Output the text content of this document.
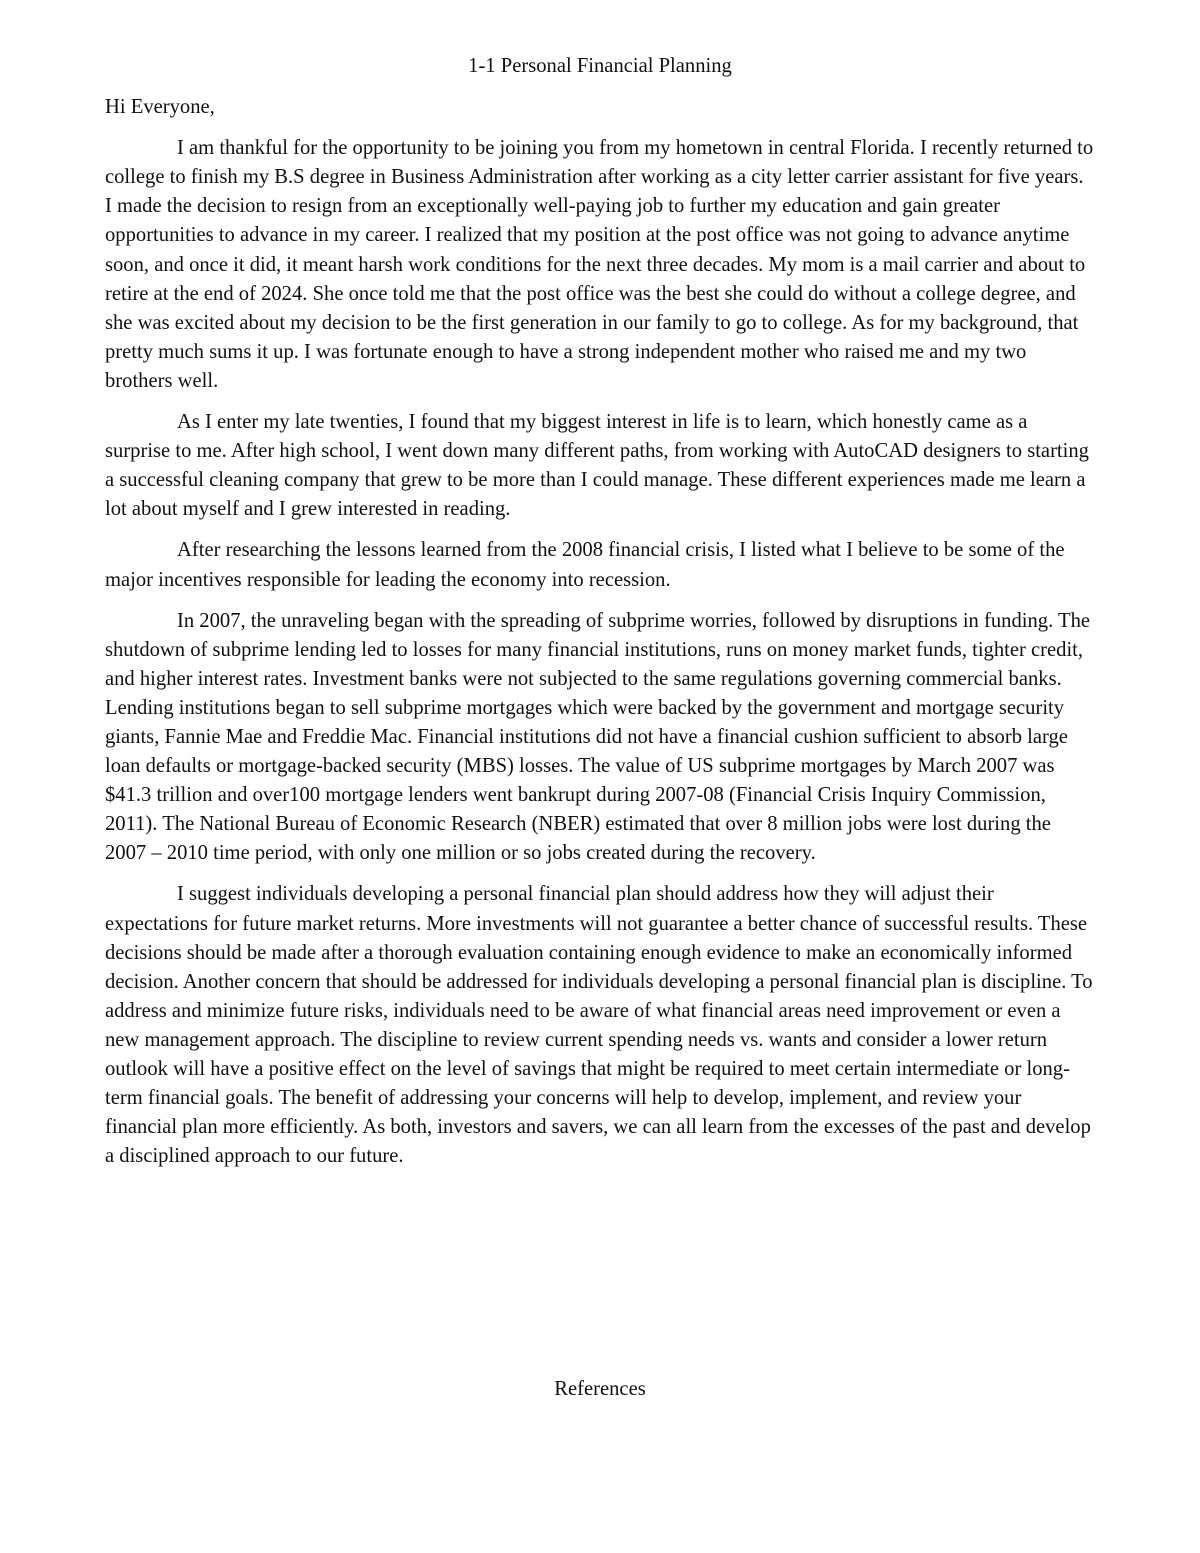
1-1 Personal Financial Planning

Hi Everyone,

I am thankful for the opportunity to be joining you from my hometown in central Florida. I recently returned to college to finish my B.S degree in Business Administration after working as a city letter carrier assistant for five years. I made the decision to resign from an exceptionally well-paying job to further my education and gain greater opportunities to advance in my career. I realized that my position at the post office was not going to advance anytime soon, and once it did, it meant harsh work conditions for the next three decades. My mom is a mail carrier and about to retire at the end of 2024. She once told me that the post office was the best she could do without a college degree, and she was excited about my decision to be the first generation in our family to go to college. As for my background, that pretty much sums it up. I was fortunate enough to have a strong independent mother who raised me and my two brothers well.

As I enter my late twenties, I found that my biggest interest in life is to learn, which honestly came as a surprise to me. After high school, I went down many different paths, from working with AutoCAD designers to starting a successful cleaning company that grew to be more than I could manage. These different experiences made me learn a lot about myself and I grew interested in reading.

After researching the lessons learned from the 2008 financial crisis, I listed what I believe to be some of the major incentives responsible for leading the economy into recession.

In 2007, the unraveling began with the spreading of subprime worries, followed by disruptions in funding. The shutdown of subprime lending led to losses for many financial institutions, runs on money market funds, tighter credit, and higher interest rates. Investment banks were not subjected to the same regulations governing commercial banks. Lending institutions began to sell subprime mortgages which were backed by the government and mortgage security giants, Fannie Mae and Freddie Mac. Financial institutions did not have a financial cushion sufficient to absorb large loan defaults or mortgage-backed security (MBS) losses. The value of US subprime mortgages by March 2007 was $41.3 trillion and over100 mortgage lenders went bankrupt during 2007-08 (Financial Crisis Inquiry Commission, 2011). The National Bureau of Economic Research (NBER) estimated that over 8 million jobs were lost during the 2007 – 2010 time period, with only one million or so jobs created during the recovery.

I suggest individuals developing a personal financial plan should address how they will adjust their expectations for future market returns. More investments will not guarantee a better chance of successful results. These decisions should be made after a thorough evaluation containing enough evidence to make an economically informed decision. Another concern that should be addressed for individuals developing a personal financial plan is discipline. To address and minimize future risks, individuals need to be aware of what financial areas need improvement or even a new management approach. The discipline to review current spending needs vs. wants and consider a lower return outlook will have a positive effect on the level of savings that might be required to meet certain intermediate or long-term financial goals. The benefit of addressing your concerns will help to develop, implement, and review your financial plan more efficiently. As both, investors and savers, we can all learn from the excesses of the past and develop a disciplined approach to our future.

References
